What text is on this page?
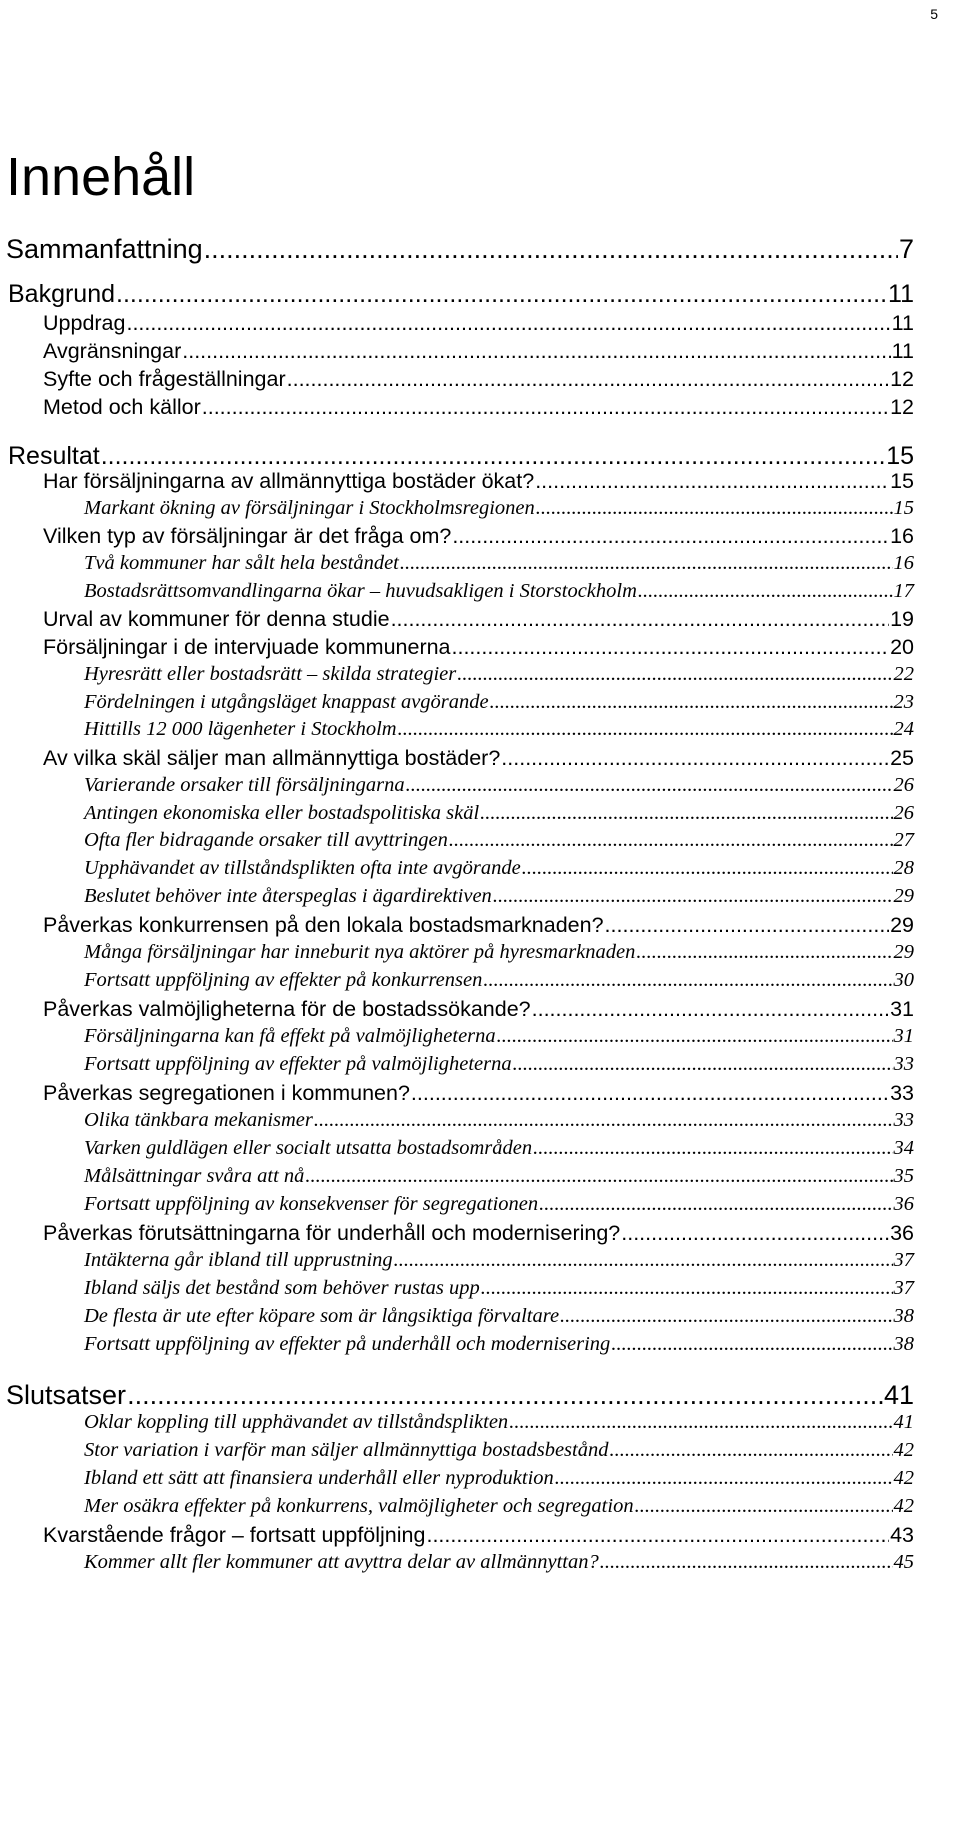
5
Innehåll
Sammanfattning .....	7
Bakgrund .....	11
Uppdrag .....	11
Avgränsningar .....	11
Syfte och frågeställningar .....	12
Metod och källor .....	12
Resultat .....	15
Har försäljningarna av allmännyttiga bostäder ökat? .....	15
Markant ökning av försäljningar i Stockholmsregionen .....	15
Vilken typ av försäljningar är det fråga om? .....	16
Två kommuner har sålt hela beståndet .....	16
Bostadsrättsomvandlingarna ökar – huvudsakligen i Storstockholm .....	17
Urval av kommuner för denna studie .....	19
Försäljningar i de intervjuade kommunerna .....	20
Hyresrätt eller bostadsrätt – skilda strategier .....	22
Fördelningen i utgångsläget knappast avgörande .....	23
Hittills 12 000 lägenheter i Stockholm .....	24
Av vilka skäl säljer man allmännyttiga bostäder? .....	25
Varierande orsaker till försäljningarna .....	26
Antingen ekonomiska eller bostadspolitiska skäl .....	26
Ofta fler bidragande orsaker till avyttringen .....	27
Upphävandet av tillståndsplikten ofta inte avgörande .....	28
Beslutet behöver inte återspeglas i ägardirektiven .....	29
Påverkas konkurrensen på den lokala bostadsmarknaden? .....	29
Många försäljningar har inneburit nya aktörer på hyresmarknaden .....	29
Fortsatt uppföljning av effekter på konkurrensen .....	30
Påverkas valmöjligheterna för de bostadssökande? .....	31
Försäljningarna kan få effekt på valmöjligheterna .....	31
Fortsatt uppföljning av effekter på valmöjligheterna .....	33
Påverkas segregationen i kommunen? .....	33
Olika tänkbara mekanismer .....	33
Varken guldlägen eller socialt utsatta bostadsområden .....	34
Målsättningar svåra att nå .....	35
Fortsatt uppföljning av konsekvenser för segregationen .....	36
Påverkas förutsättningarna för underhåll och modernisering? .....	36
Intäkterna går ibland till upprustning .....	37
Ibland säljs det bestånd som behöver rustas upp .....	37
De flesta är ute efter köpare som är långsiktiga förvaltare .....	38
Fortsatt uppföljning av effekter på underhåll och modernisering .....	38
Slutsatser .....	41
Oklar koppling till upphävandet av tillståndsplikten .....	41
Stor variation i varför man säljer allmännyttiga bostadsbestånd .....	42
Ibland ett sätt att finansiera underhåll eller nyproduktion .....	42
Mer osäkra effekter på konkurrens, valmöjligheter och segregation .....	42
Kvarstående frågor – fortsatt uppföljning .....	43
Kommer allt fler kommuner att avyttra delar av allmännyttan? .....	45
